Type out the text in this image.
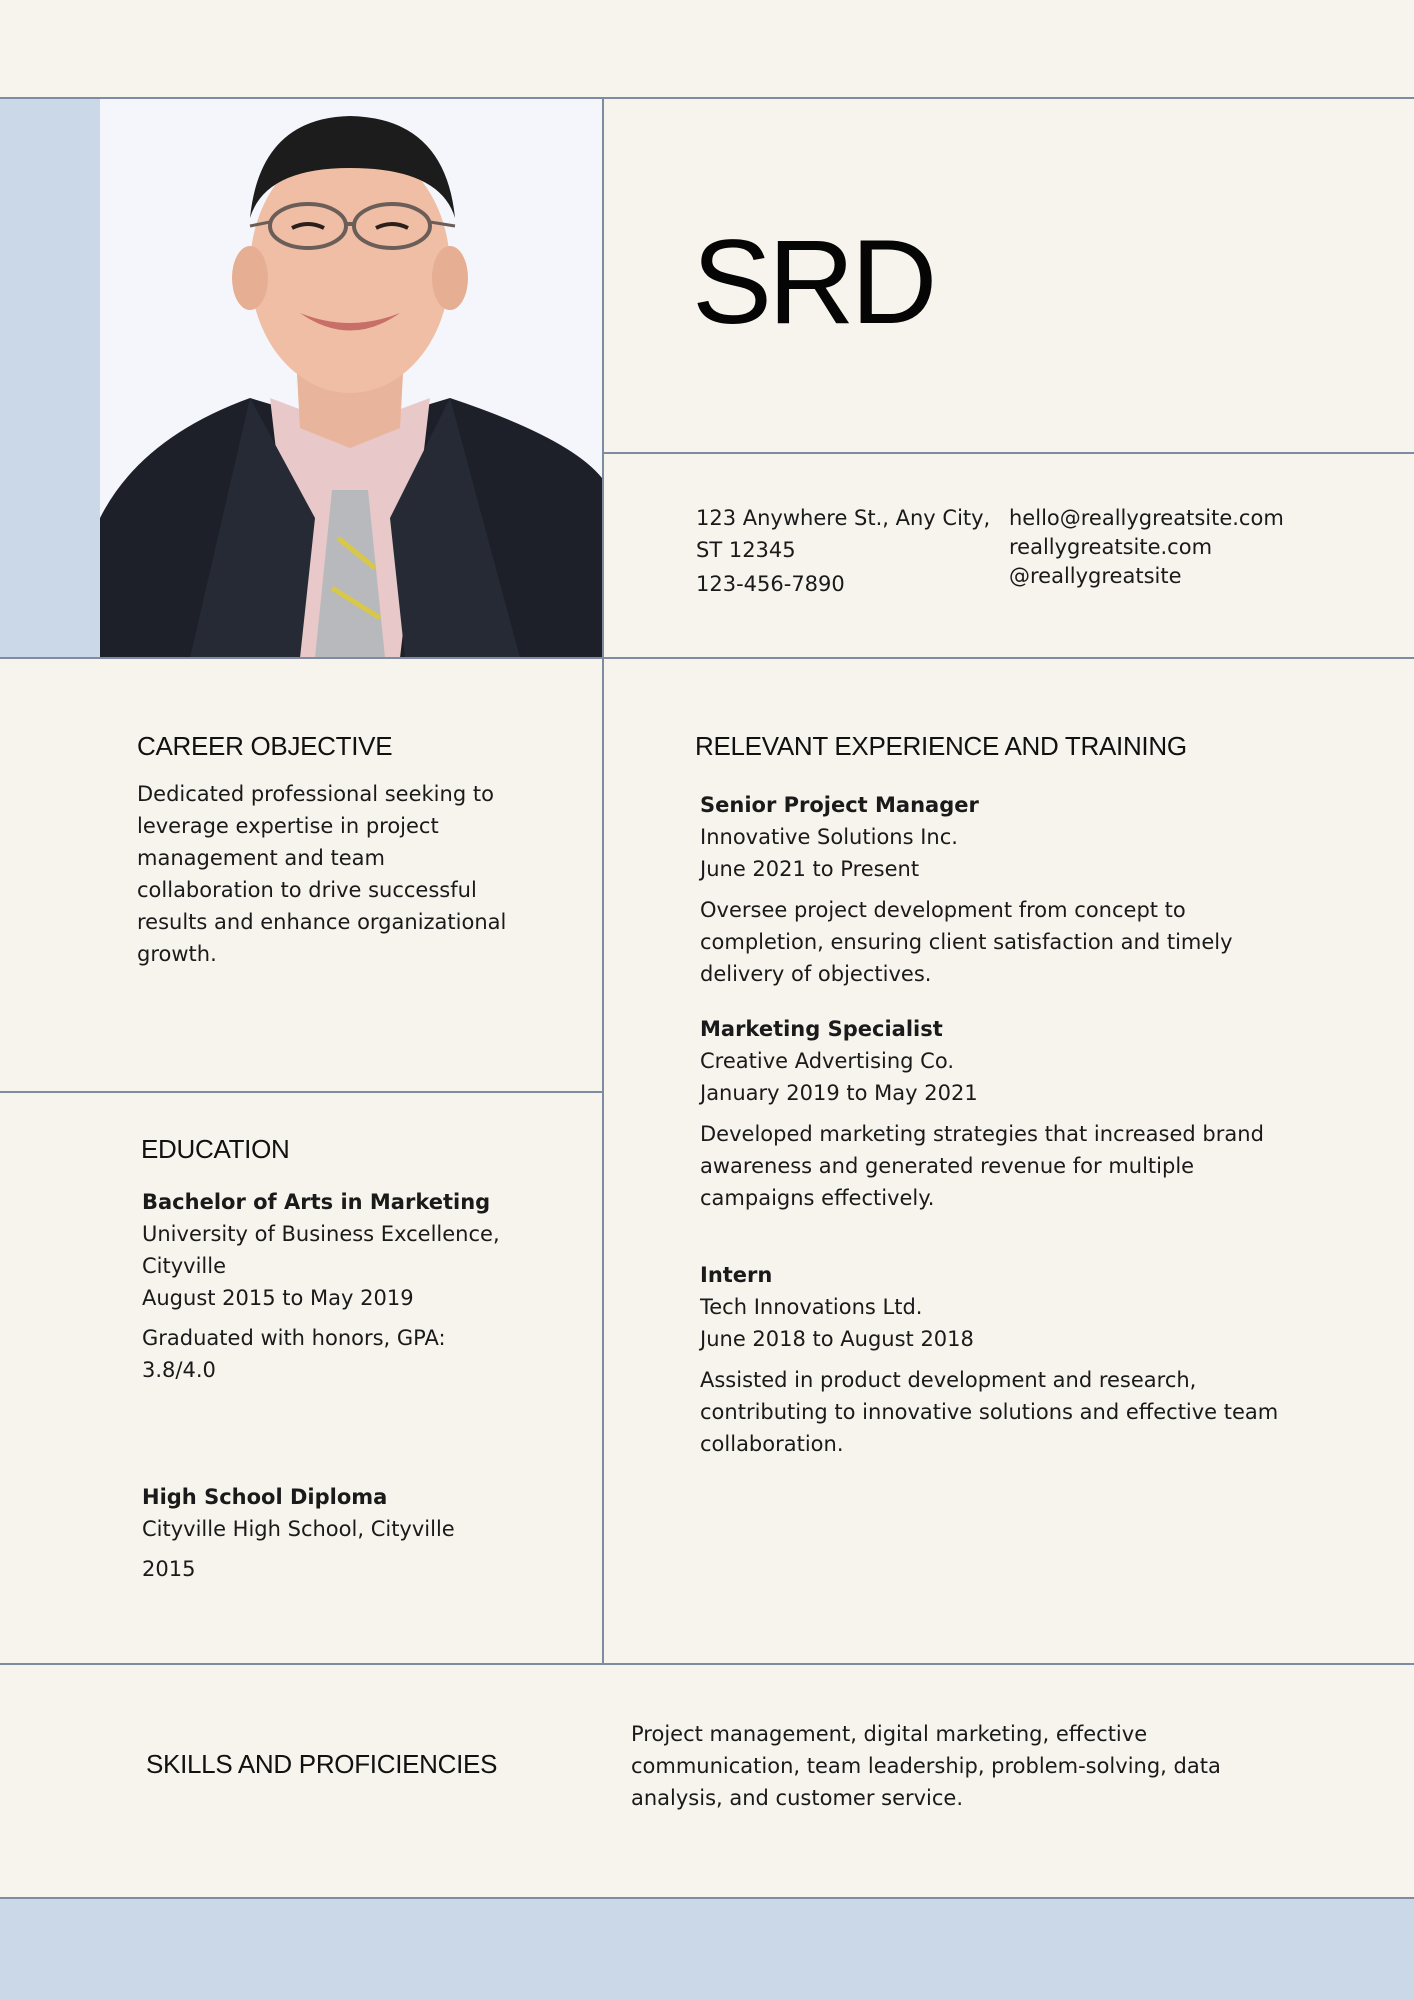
SRD
123 Anywhere St., Any City,
ST 12345
123-456-7890
hello@reallygreatsite.com
reallygreatsite.com
@reallygreatsite
CAREER OBJECTIVE
Dedicated professional seeking to
leverage expertise in project
management and team
collaboration to drive successful
results and enhance organizational
growth.
EDUCATION
Bachelor of Arts in Marketing
University of Business Excellence,
Cityville
August 2015 to May 2019
Graduated with honors, GPA:
3.8/4.0
High School Diploma
Cityville High School, Cityville
2015
RELEVANT EXPERIENCE AND TRAINING
Senior Project Manager
Innovative Solutions Inc.
June 2021 to Present
Oversee project development from concept to
completion, ensuring client satisfaction and timely
delivery of objectives.
Marketing Specialist
Creative Advertising Co.
January 2019 to May 2021
Developed marketing strategies that increased brand
awareness and generated revenue for multiple
campaigns effectively.
Intern
Tech Innovations Ltd.
June 2018 to August 2018
Assisted in product development and research,
contributing to innovative solutions and effective team
collaboration.
SKILLS AND PROFICIENCIES
Project management, digital marketing, effective
communication, team leadership, problem-solving, data
analysis, and customer service.
